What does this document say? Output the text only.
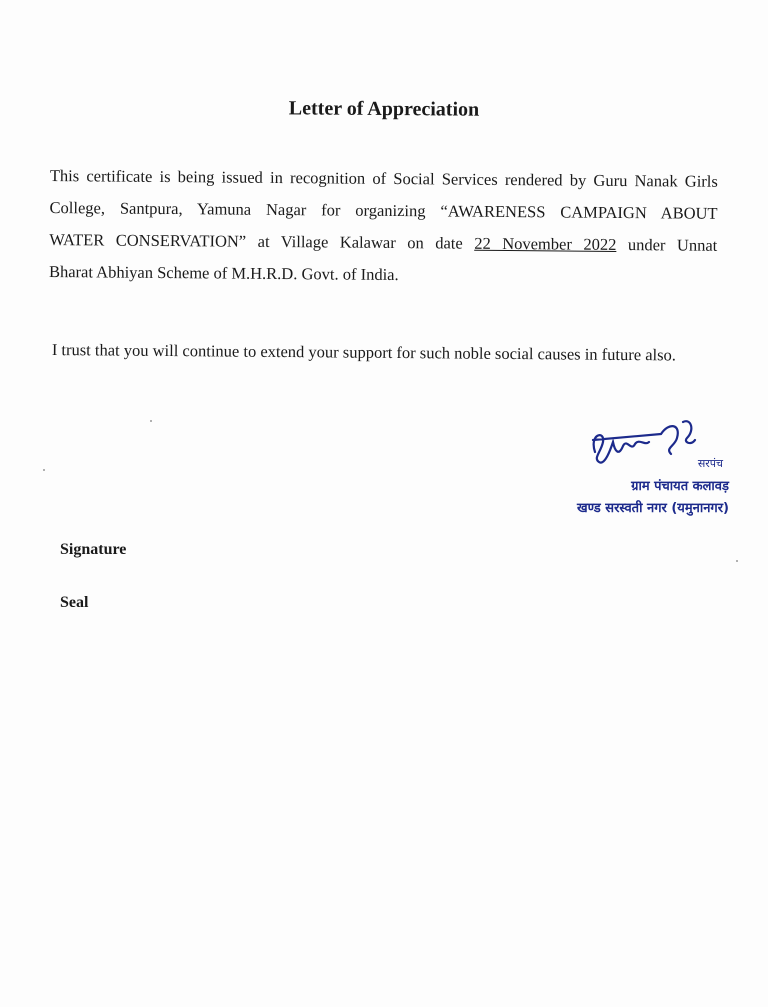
Letter of Appreciation
This certificate is being issued in recognition of Social Services rendered by Guru Nanak Girls
College, Santpura, Yamuna Nagar for organizing “AWARENESS CAMPAIGN ABOUT
WATER CONSERVATION” at Village Kalawar on date 22 November 2022 under Unnat
Bharat Abhiyan Scheme of M.H.R.D. Govt. of India.
I trust that you will continue to extend your support for such noble social causes in future also.
सरपंच
ग्राम पंचायत कलावड़
खण्ड सरस्वती नगर (यमुनानगर)
Signature
Seal
